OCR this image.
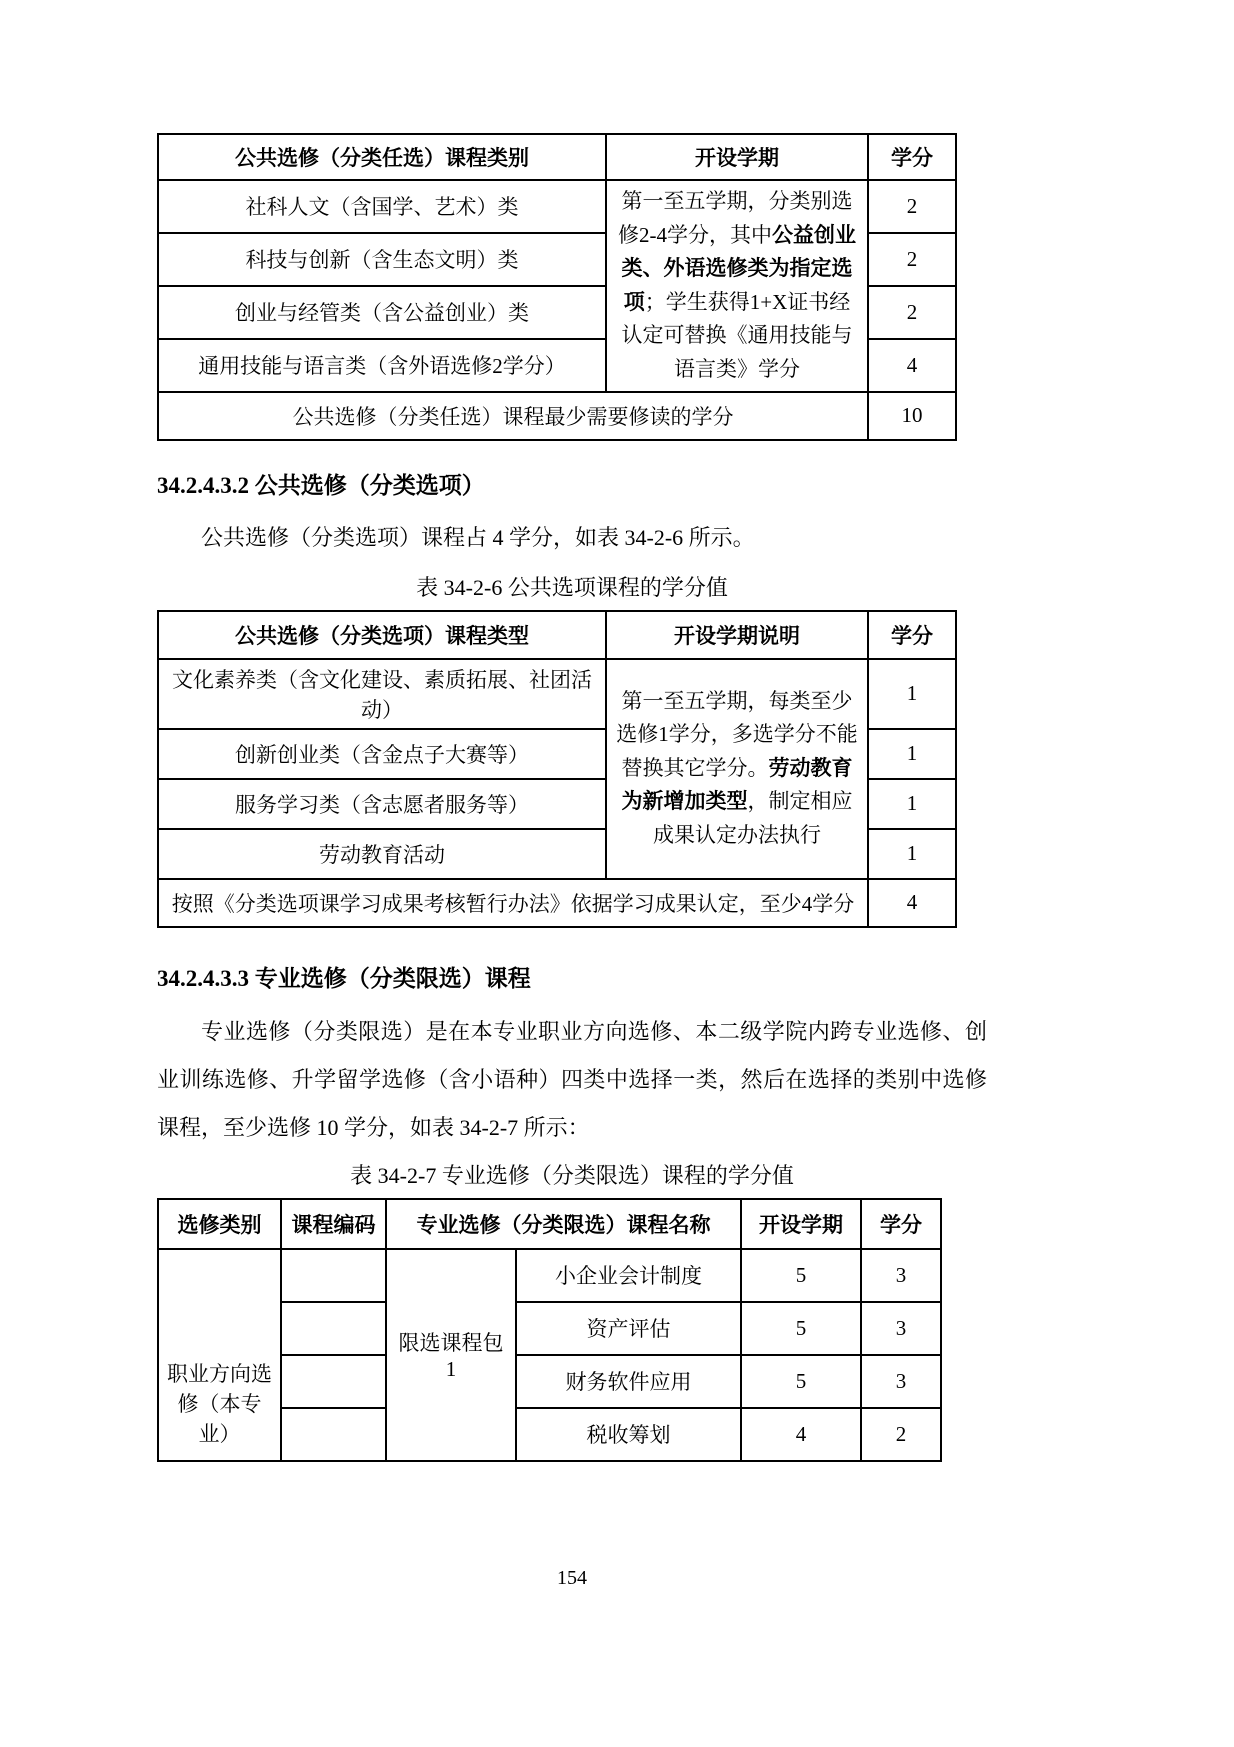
公共选修（分类任选）课程类别	开设学期	学分
社科人文（含国学、艺术）类	第一至五学期，分类别选修2-4学分，其中公益创业类、外语选修类为指定选项；学生获得1+X证书经认定可替换《通用技能与语言类》学分	2
科技与创新（含生态文明）类		2
创业与经管类（含公益创业）类		2
通用技能与语言类（含外语选修2学分）		4
公共选修（分类任选）课程最少需要修读的学分		10
34.2.4.3.2 公共选修（分类选项）

公共选修（分类选项）课程占 4 学分，如表 34-2-6 所示。

表 34-2-6 公共选项课程的学分值
公共选修（分类选项）课程类型	开设学期说明	学分
文化素养类（含文化建设、素质拓展、社团活动）	第一至五学期，每类至少选修1学分，多选学分不能替换其它学分。劳动教育为新增加类型，制定相应成果认定办法执行	1
创新创业类（含金点子大赛等）		1
服务学习类（含志愿者服务等）		1
劳动教育活动		1
按照《分类选项课学习成果考核暂行办法》依据学习成果认定，至少4学分		4
34.2.4.3.3 专业选修（分类限选）课程

专业选修（分类限选）是在本专业职业方向选修、本二级学院内跨专业选修、创业训练选修、升学留学选修（含小语种）四类中选择一类，然后在选择的类别中选修课程，至少选修 10 学分，如表 34-2-7 所示：

表 34-2-7 专业选修（分类限选）课程的学分值
选修类别	课程编码	专业选修（分类限选）课程名称		开设学期	学分
职业方向选修（本专业）		限选课程包 1	小企业会计制度	5	3
			资产评估	5	3
			财务软件应用	5	3
			税收筹划	4	2
154
